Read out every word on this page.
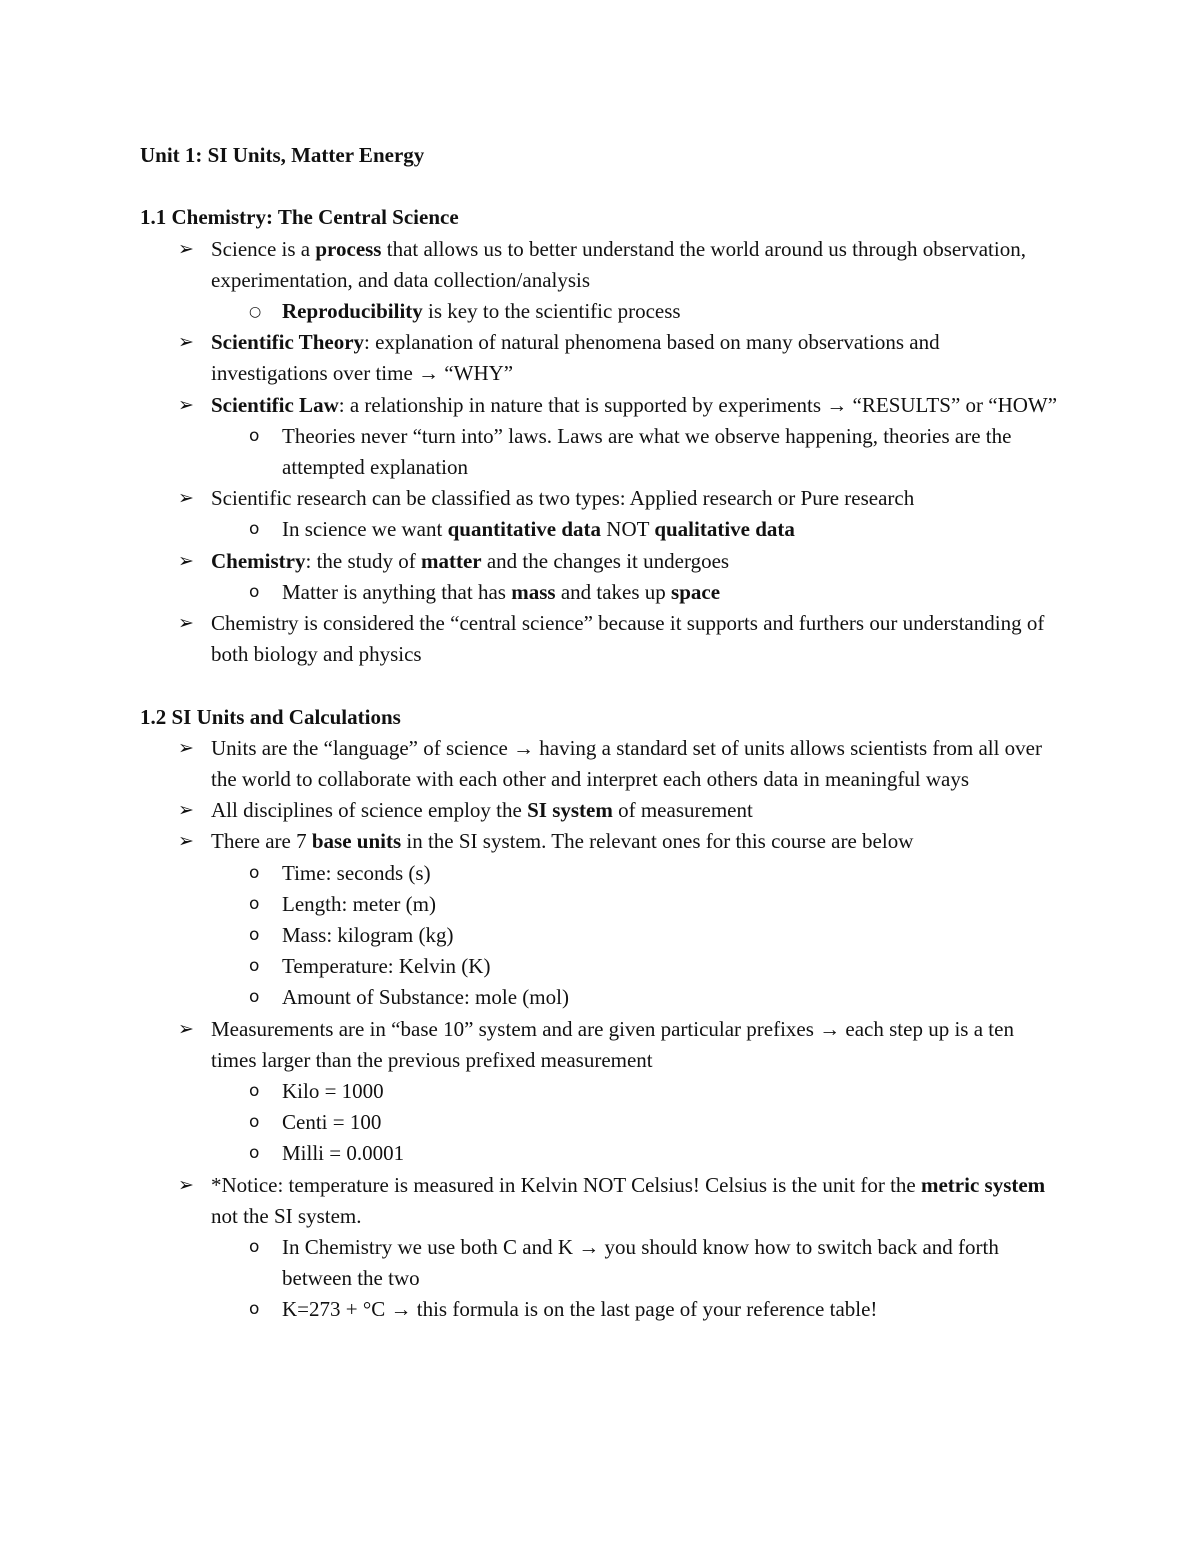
Unit 1: SI Units, Matter Energy

1.1 Chemistry: The Central Science

➢ Science is a process that allows us to better understand the world around us through observation, experimentation, and data collection/analysis

○ Reproducibility is key to the scientific process

➢ Scientific Theory: explanation of natural phenomena based on many observations and investigations over time → “WHY”

➢ Scientific Law: a relationship in nature that is supported by experiments → “RESULTS” or “HOW”

o Theories never “turn into” laws. Laws are what we observe happening, theories are the attempted explanation

➢ Scientific research can be classified as two types: Applied research or Pure research

o In science we want quantitative data NOT qualitative data

➢ Chemistry: the study of matter and the changes it undergoes

o Matter is anything that has mass and takes up space

➢ Chemistry is considered the “central science” because it supports and furthers our understanding of both biology and physics

1.2 SI Units and Calculations

➢ Units are the “language” of science → having a standard set of units allows scientists from all over the world to collaborate with each other and interpret each others data in meaningful ways

➢ All disciplines of science employ the SI system of measurement

➢ There are 7 base units in the SI system. The relevant ones for this course are below

o Time: seconds (s)

o Length: meter (m)

o Mass: kilogram (kg)

o Temperature: Kelvin (K)

o Amount of Substance: mole (mol)

➢ Measurements are in “base 10” system and are given particular prefixes → each step up is a ten times larger than the previous prefixed measurement

o Kilo = 1000

o Centi = 100

o Milli = 0.0001

➢ *Notice: temperature is measured in Kelvin NOT Celsius! Celsius is the unit for the metric system not the SI system.

o In Chemistry we use both C and K → you should know how to switch back and forth between the two

o K=273 + °C → this formula is on the last page of your reference table!
